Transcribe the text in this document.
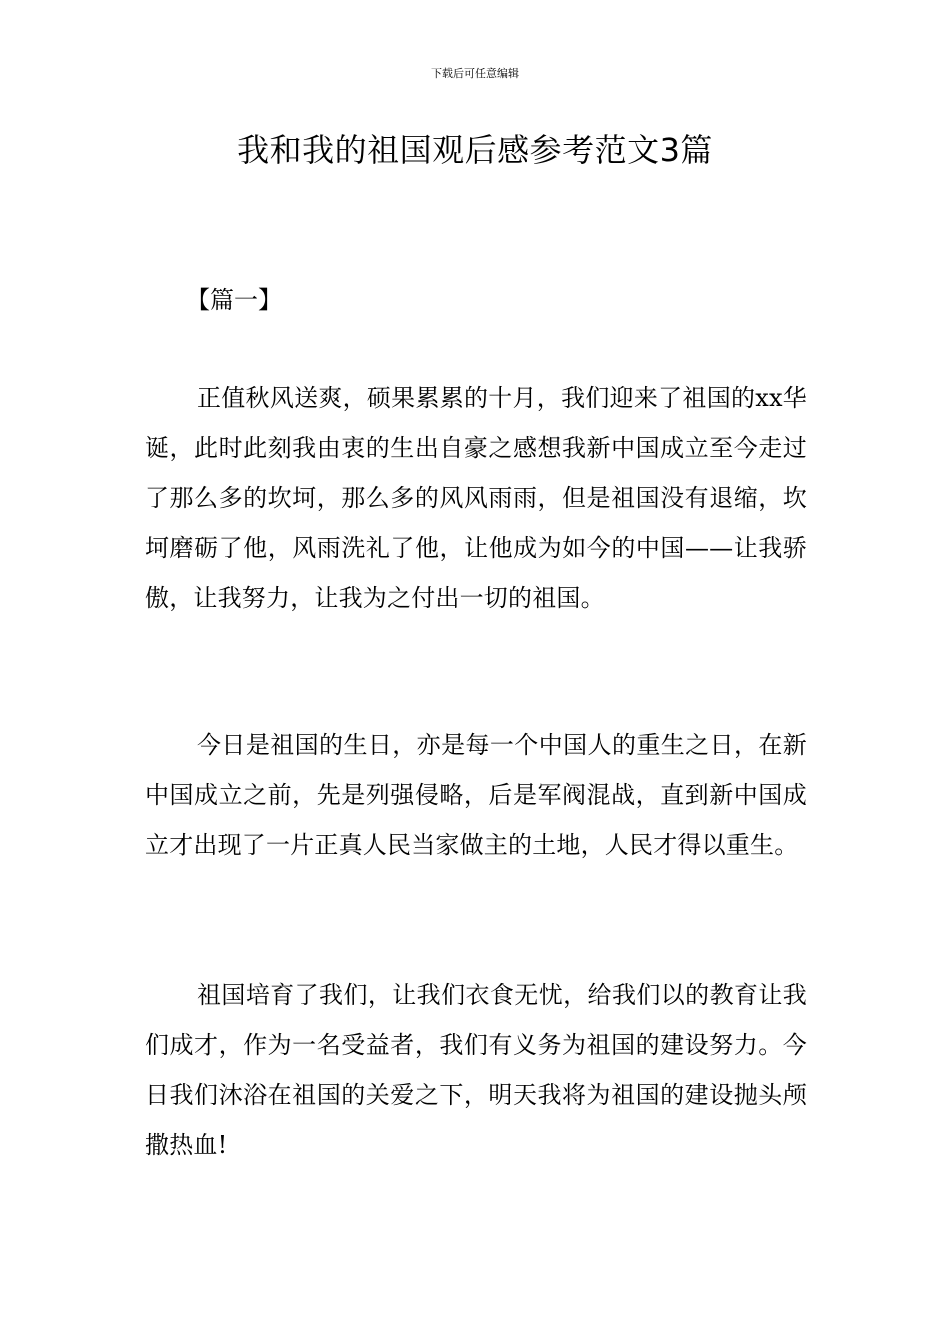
下载后可任意编辑
我和我的祖国观后感参考范文3篇
【篇一】

正值秋风送爽，硕果累累的十月，我们迎来了祖国的xx华诞，此时此刻我由衷的生出自豪之感想我新中国成立至今走过了那么多的坎坷，那么多的风风雨雨，但是祖国没有退缩，坎坷磨砺了他，风雨洗礼了他，让他成为如今的中国——让我骄傲，让我努力，让我为之付出一切的祖国。

今日是祖国的生日，亦是每一个中国人的重生之日，在新中国成立之前，先是列强侵略，后是军阀混战，直到新中国成立才出现了一片正真人民当家做主的土地，人民才得以重生。

祖国培育了我们，让我们衣食无忧，给我们以的教育让我们成才，作为一名受益者，我们有义务为祖国的建设努力。今日我们沐浴在祖国的关爱之下，明天我将为祖国的建设抛头颅撒热血!
